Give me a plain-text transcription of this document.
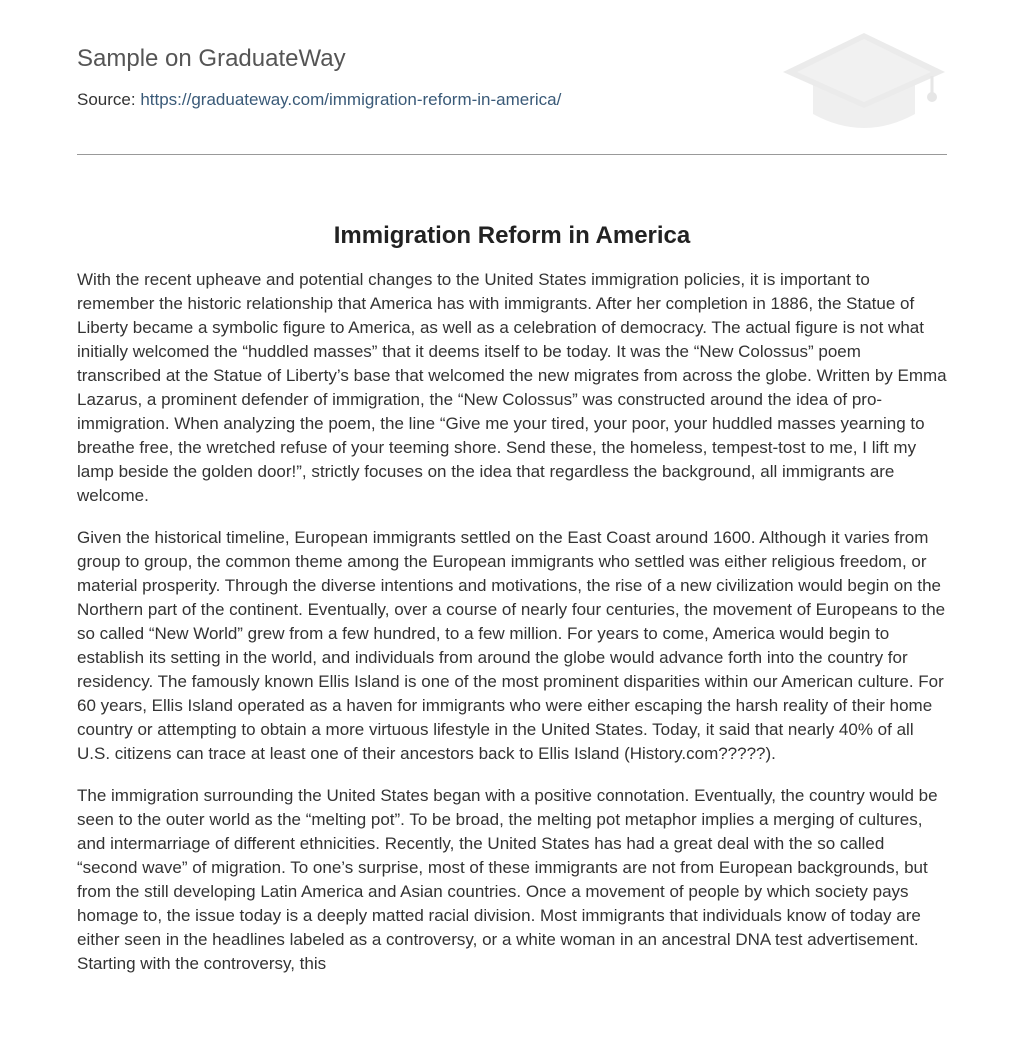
Sample on GraduateWay
Source: https://graduateway.com/immigration-reform-in-america/
Immigration Reform in America

With the recent upheave and potential changes to the United States immigration policies, it is important to remember the historic relationship that America has with immigrants. After her completion in 1886, the Statue of Liberty became a symbolic figure to America, as well as a celebration of democracy. The actual figure is not what initially welcomed the “huddled masses” that it deems itself to be today. It was the “New Colossus” poem transcribed at the Statue of Liberty’s base that welcomed the new migrates from across the globe. Written by Emma Lazarus, a prominent defender of immigration, the “New Colossus” was constructed around the idea of pro-immigration. When analyzing the poem, the line “Give me your tired, your poor, your huddled masses yearning to breathe free, the wretched refuse of your teeming shore. Send these, the homeless, tempest-tost to me, I lift my lamp beside the golden door!”, strictly focuses on the idea that regardless the background, all immigrants are welcome.

Given the historical timeline, European immigrants settled on the East Coast around 1600. Although it varies from group to group, the common theme among the European immigrants who settled was either religious freedom, or material prosperity. Through the diverse intentions and motivations, the rise of a new civilization would begin on the Northern part of the continent. Eventually, over a course of nearly four centuries, the movement of Europeans to the so called “New World” grew from a few hundred, to a few million. For years to come, America would begin to establish its setting in the world, and individuals from around the globe would advance forth into the country for residency. The famously known Ellis Island is one of the most prominent disparities within our American culture. For 60 years, Ellis Island operated as a haven for immigrants who were either escaping the harsh reality of their home country or attempting to obtain a more virtuous lifestyle in the United States. Today, it said that nearly 40% of all U.S. citizens can trace at least one of their ancestors back to Ellis Island (History.com?????).

The immigration surrounding the United States began with a positive connotation. Eventually, the country would be seen to the outer world as the “melting pot”. To be broad, the melting pot metaphor implies a merging of cultures, and intermarriage of different ethnicities. Recently, the United States has had a great deal with the so called “second wave” of migration. To one’s surprise, most of these immigrants are not from European backgrounds, but from the still developing Latin America and Asian countries. Once a movement of people by which society pays homage to, the issue today is a deeply matted racial division. Most immigrants that individuals know of today are either seen in the headlines labeled as a controversy, or a white woman in an ancestral DNA test advertisement. Starting with the controversy, this
